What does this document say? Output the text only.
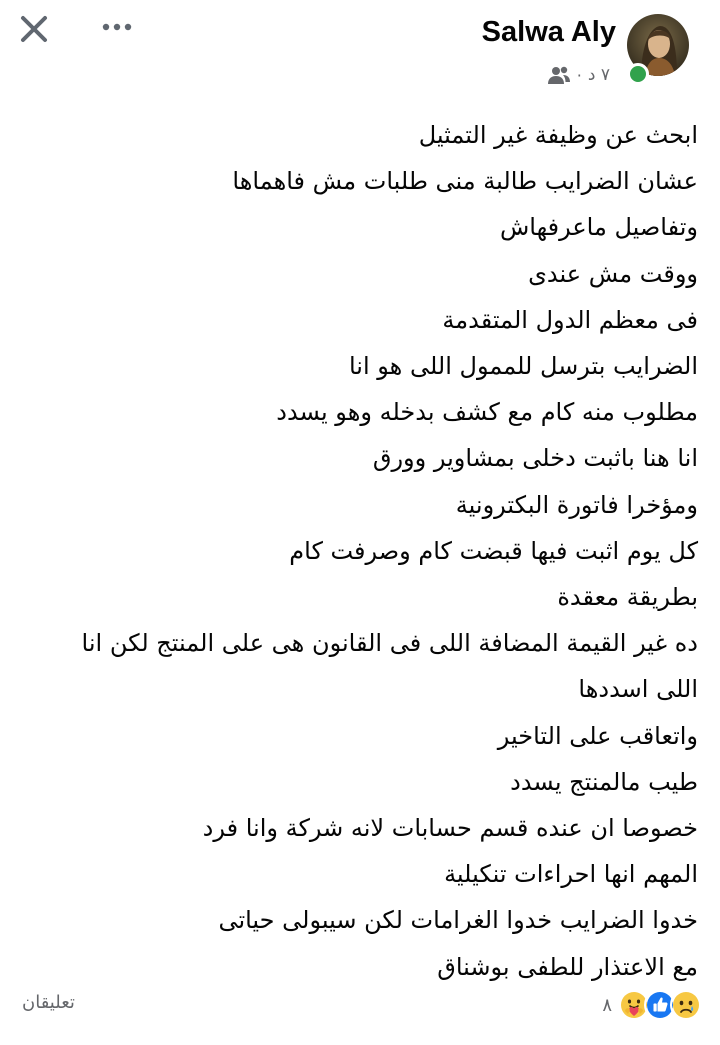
Salwa Aly
٧ د
·
ابحث عن وظيفة غير التمثيل
عشان الضرايب طالبة منى طلبات مش فاهماها
وتفاصيل ماعرفهاش
ووقت مش عندى
فى معظم الدول المتقدمة
الضرايب بترسل للممول اللى هو انا
مطلوب منه كام مع كشف بدخله وهو يسدد
انا هنا باثبت دخلى بمشاوير وورق
ومؤخرا فاتورة البكترونية
كل يوم اثبت فيها قبضت كام وصرفت كام
بطريقة معقدة
ده غير القيمة المضافة اللى فى القانون هى على المنتج لكن انا
اللى اسددها
واتعاقب على التاخير
طيب مالمنتج يسدد
خصوصا ان عنده قسم حسابات لانه شركة وانا فرد
المهم انها احراءات تنكيلية
خدوا الضرايب خدوا الغرامات لكن سيبولى حياتى
مع الاعتذار للطفى بوشناق
٨
تعليقان
